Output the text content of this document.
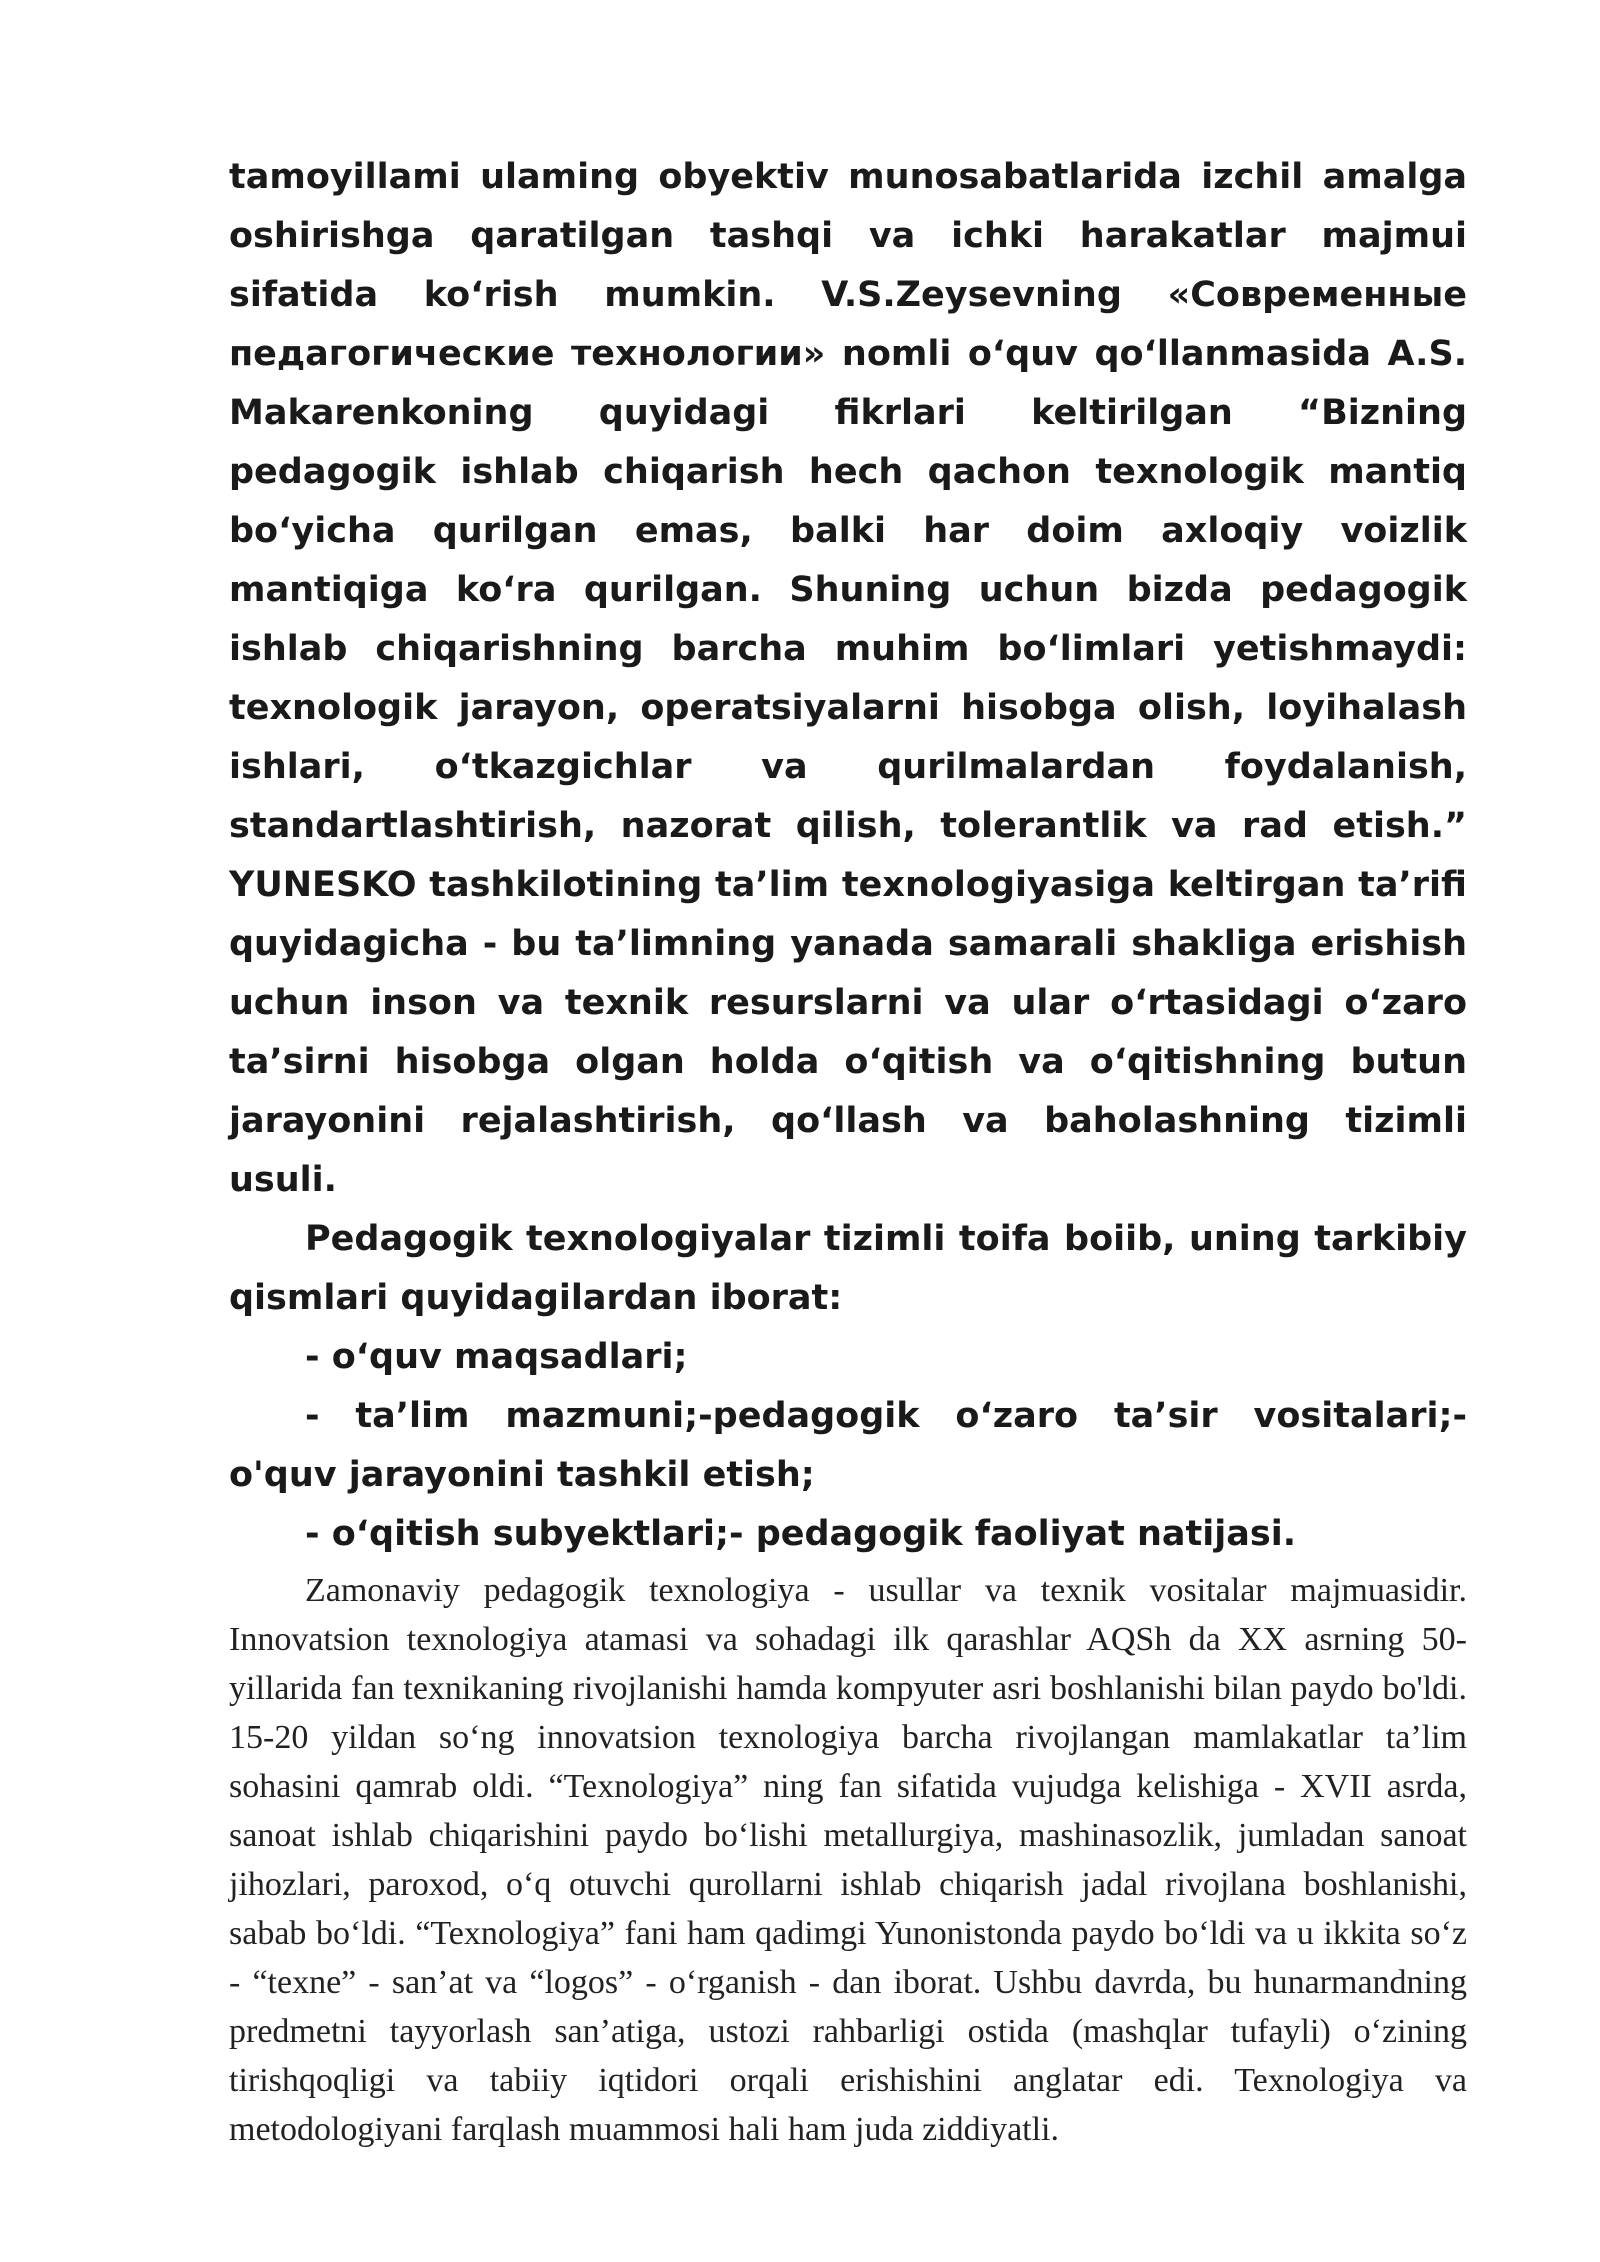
tamoyillami ulaming obyektiv munosabatlarida izchil amalga oshirishga qaratilgan tashqi va ichki harakatlar majmui sifatida ko‘rish mumkin. V.S.Zeysevning «Современные педагогические технологии» nomli o‘quv qo‘llanmasida A.S. Makarenkoning quyidagi fikrlari keltirilgan “Bizning pedagogik ishlab chiqarish hech qachon texnologik mantiq bo‘yicha qurilgan emas, balki har doim axloqiy voizlik mantiqiga ko‘ra qurilgan. Shuning uchun bizda pedagogik ishlab chiqarishning barcha muhim bo‘limlari yetishmaydi: texnologik jarayon, operatsiyalarni hisobga olish, loyihalash ishlari, o‘tkazgichlar va qurilmalardan foydalanish, standartlashtirish, nazorat qilish, tolerantlik va rad etish.” YUNESKO tashkilotining ta’lim texnologiyasiga keltirgan ta’rifi quyidagicha - bu ta’limning yanada samarali shakliga erishish uchun inson va texnik resurslarni va ular o‘rtasidagi o‘zaro ta’sirni hisobga olgan holda o‘qitish va o‘qitishning butun jarayonini rejalashtirish, qo‘llash va baholashning tizimli usuli.

Pedagogik texnologiyalar tizimli toifa boiib, uning tarkibiy qismlari quyidagilardan iborat:

- o‘quv maqsadlari;

- ta’lim mazmuni;-pedagogik o‘zaro ta’sir vositalari;- o'quv jarayonini tashkil etish;

- o‘qitish subyektlari;- pedagogik faoliyat natijasi.

Zamonaviy pedagogik texnologiya - usullar va texnik vositalar majmuasidir. Innovatsion texnologiya atamasi va sohadagi ilk qarashlar AQSh da XX asrning 50-yillarida fan texnikaning rivojlanishi hamda kompyuter asri boshlanishi bilan paydo bo'ldi. 15-20 yildan so‘ng innovatsion texnologiya barcha rivojlangan mamlakatlar ta’lim sohasini qamrab oldi. “Texnologiya” ning fan sifatida vujudga kelishiga - XVII asrda, sanoat ishlab chiqarishini paydo bo‘lishi metallurgiya, mashinasozlik, jumladan sanoat jihozlari, paroxod, o‘q otuvchi qurollarni ishlab chiqarish jadal rivojlana boshlanishi, sabab bo‘ldi. “Texnologiya” fani ham qadimgi Yunonistonda paydo bo‘ldi va u ikkita so‘z - “texne” - san’at va “logos” - o‘rganish - dan iborat. Ushbu davrda, bu hunarmandning predmetni tayyorlash san’atiga, ustozi rahbarligi ostida (mashqlar tufayli) o‘zining tirishqoqligi va tabiiy iqtidori orqali erishishini anglatar edi. Texnologiya va metodologiyani farqlash muammosi hali ham juda ziddiyatli.
